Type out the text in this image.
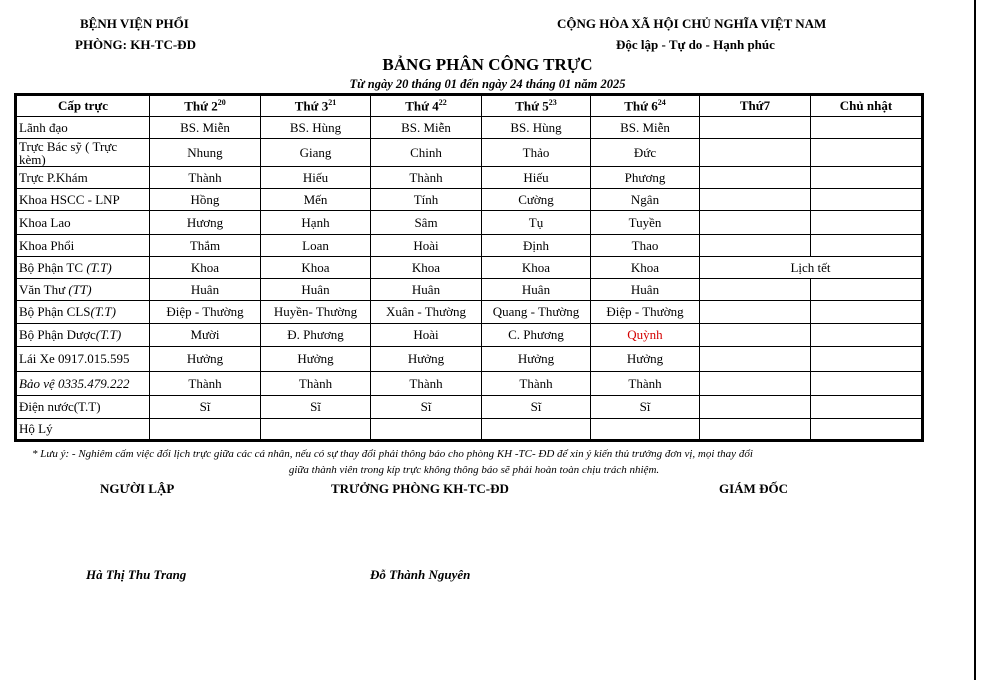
BỆNH VIỆN PHỔI
PHÒNG: KH-TC-ĐD
CỘNG HÒA XÃ HỘI CHỦ NGHĨA VIỆT NAM
Độc lập - Tự do - Hạnh phúc
BẢNG PHÂN CÔNG TRỰC
Từ ngày 20 tháng 01 đến ngày 24 tháng 01 năm 2025
Cấp trực	Thứ $2^{20}$	Thứ $3^{21}$	Thứ $4^{22}$	Thứ $5^{23}$	Thứ $6^{24}$	Thứ7	Chủ nhật
Lãnh đạo	BS. Miễn	BS. Hùng	BS. Miễn	BS. Hùng	BS. Miễn		
Trực Bác sỹ ( Trực kèm)	Nhung	Giang	Chinh	Thảo	Đức		
Trực P.Khám	Thành	Hiếu	Thành	Hiếu	Phương		
Khoa HSCC - LNP	Hồng	Mến	Tính	Cường	Ngân		
Khoa Lao	Hương	Hạnh	Sâm	Tụ	Tuyền		
Khoa Phổi	Thắm	Loan	Hoài	Định	Thao		
Bộ Phận TC (T.T)	Khoa	Khoa	Khoa	Khoa	Khoa	Lịch tết	
Văn Thư (TT)	Huân	Huân	Huân	Huân	Huân		
Bộ Phận CLS(T.T)	Điệp - Thường	Huyền- Thường	Xuân - Thường	Quang - Thường	Điệp - Thường		
Bộ Phận Dược(T.T)	Mười	Đ. Phương	Hoài	C. Phương	Quỳnh		
Lái Xe 0917.015.595	Hưởng	Hưởng	Hưởng	Hưởng	Hưởng		
Bảo vệ 0335.479.222	Thành	Thành	Thành	Thành	Thành		
Điện nước(T.T)	Sĩ	Sĩ	Sĩ	Sĩ	Sĩ		
Hộ Lý							
* Lưu ý: - Nghiêm cấm việc đổi lịch trực giữa các cá nhân, nếu có sự thay đổi phải thông báo cho phòng KH -TC- ĐD để xin ý kiến thủ trưởng đơn vị, mọi thay đổi
giữa thành viên trong kíp trực không thông báo sẽ phải hoàn toàn chịu trách nhiệm.
NGƯỜI LẬP	TRƯỞNG PHÒNG KH-TC-ĐD	GIÁM ĐỐC
Hà Thị Thu Trang	Đỗ Thành Nguyên
